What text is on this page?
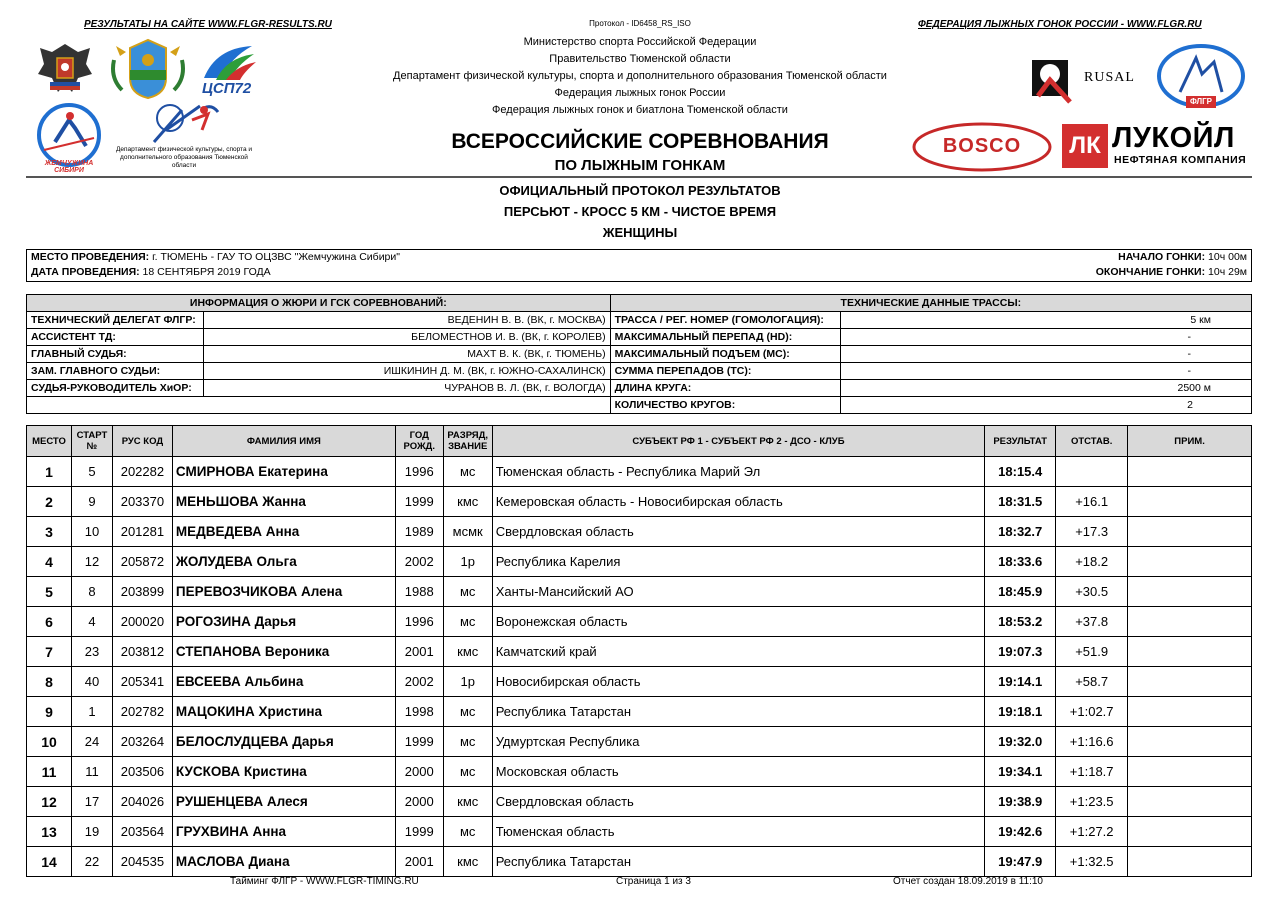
РЕЗУЛЬТАТЫ НА САЙТЕ WWW.FLGR-RESULTS.RU	Протокол - ID6458_RS_ISO	ФЕДЕРАЦИЯ ЛЫЖНЫХ ГОНОК РОССИИ - WWW.FLGR.RU
ЦСП72
ЖЕМЧУЖИНА СИБИРИ
Департамент физической культуры, спорта и дополнительного образования Тюменской области
Министерство спорта Российской Федерации
Правительство Тюменской области
Департамент физической культуры, спорта и дополнительного образования Тюменской области
Федерация лыжных гонок России
Федерация лыжных гонок и биатлона Тюменской области
ВСЕРОССИЙСКИЕ СОРЕВНОВАНИЯ
ПО ЛЫЖНЫМ ГОНКАМ
RUSAL
ФЛГР
BOSCO	ЛК ЛУКОЙЛ
НЕФТЯНАЯ КОМПАНИЯ
ОФИЦИАЛЬНЫЙ ПРОТОКОЛ РЕЗУЛЬТАТОВ
ПЕРСЬЮТ - КРОСС 5 КМ - ЧИСТОЕ ВРЕМЯ
ЖЕНЩИНЫ
МЕСТО ПРОВЕДЕНИЯ: г. ТЮМЕНЬ - ГАУ ТО ОЦЗВС "Жемчужина Сибири"	НАЧАЛО ГОНКИ: 10ч 00м
ДАТА ПРОВЕДЕНИЯ: 18 СЕНТЯБРЯ 2019 ГОДА	ОКОНЧАНИЕ ГОНКИ: 10ч 29м
ИНФОРМАЦИЯ О ЖЮРИ И ГСК СОРЕВНОВАНИЙ:		ТЕХНИЧЕСКИЕ ДАННЫЕ ТРАССЫ:	
ТЕХНИЧЕСКИЙ ДЕЛЕГАТ ФЛГР:	ВЕДЕНИН В. В. (ВК, г. МОСКВА)	ТРАССА / РЕГ. НОМЕР (ГОМОЛОГАЦИЯ):	5 км
АССИСТЕНТ ТД:	БЕЛОМЕСТНОВ И. В. (ВК, г. КОРОЛЕВ)	МАКСИМАЛЬНЫЙ ПЕРЕПАД (HD):	-
ГЛАВНЫЙ СУДЬЯ:	МАХТ В. К. (ВК, г. ТЮМЕНЬ)	МАКСИМАЛЬНЫЙ ПОДЪЕМ (МС):	-
ЗАМ. ГЛАВНОГО СУДЬИ:	ИШКИНИН Д. М. (ВК, г. ЮЖНО-САХАЛИНСК)	СУММА ПЕРЕПАДОВ (ТС):	-
СУДЬЯ-РУКОВОДИТЕЛЬ ХиОР:	ЧУРАНОВ В. Л. (ВК, г. ВОЛОГДА)	ДЛИНА КРУГА:	2500 м
		КОЛИЧЕСТВО КРУГОВ:	2
МЕСТО	СТАРТ №	РУС КОД	ФАМИЛИЯ ИМЯ	ГОД РОЖД.	РАЗРЯД, ЗВАНИЕ	СУБЪЕКТ РФ 1 - СУБЪЕКТ РФ 2 - ДСО - КЛУБ	РЕЗУЛЬТАТ	ОТСТАВ.	ПРИМ.
1	5	202282	СМИРНОВА Екатерина	1996	мс	Тюменская область - Республика Марий Эл	18:15.4		
2	9	203370	МЕНЬШОВА Жанна	1999	кмс	Кемеровская область - Новосибирская область	18:31.5	+16.1	
3	10	201281	МЕДВЕДЕВА Анна	1989	мсмк	Свердловская область	18:32.7	+17.3	
4	12	205872	ЖОЛУДЕВА Ольга	2002	1р	Республика Карелия	18:33.6	+18.2	
5	8	203899	ПЕРЕВОЗЧИКОВА Алена	1988	мс	Ханты-Мансийский АО	18:45.9	+30.5	
6	4	200020	РОГОЗИНА Дарья	1996	мс	Воронежская область	18:53.2	+37.8	
7	23	203812	СТЕПАНОВА Вероника	2001	кмс	Камчатский край	19:07.3	+51.9	
8	40	205341	ЕВСЕЕВА Альбина	2002	1р	Новосибирская область	19:14.1	+58.7	
9	1	202782	МАЦОКИНА Христина	1998	мс	Республика Татарстан	19:18.1	+1:02.7	
10	24	203264	БЕЛОСЛУДЦЕВА Дарья	1999	мс	Удмуртская Республика	19:32.0	+1:16.6	
11	11	203506	КУСКОВА Кристина	2000	мс	Московская область	19:34.1	+1:18.7	
12	17	204026	РУШЕНЦЕВА Алеся	2000	кмс	Свердловская область	19:38.9	+1:23.5	
13	19	203564	ГРУХВИНА Анна	1999	мс	Тюменская область	19:42.6	+1:27.2	
14	22	204535	МАСЛОВА Диана	2001	кмс	Республика Татарстан	19:47.9	+1:32.5	
Тайминг ФЛГР - WWW.FLGR-TIMING.RU	Страница 1 из 3	Отчет создан 18.09.2019 в 11:10
